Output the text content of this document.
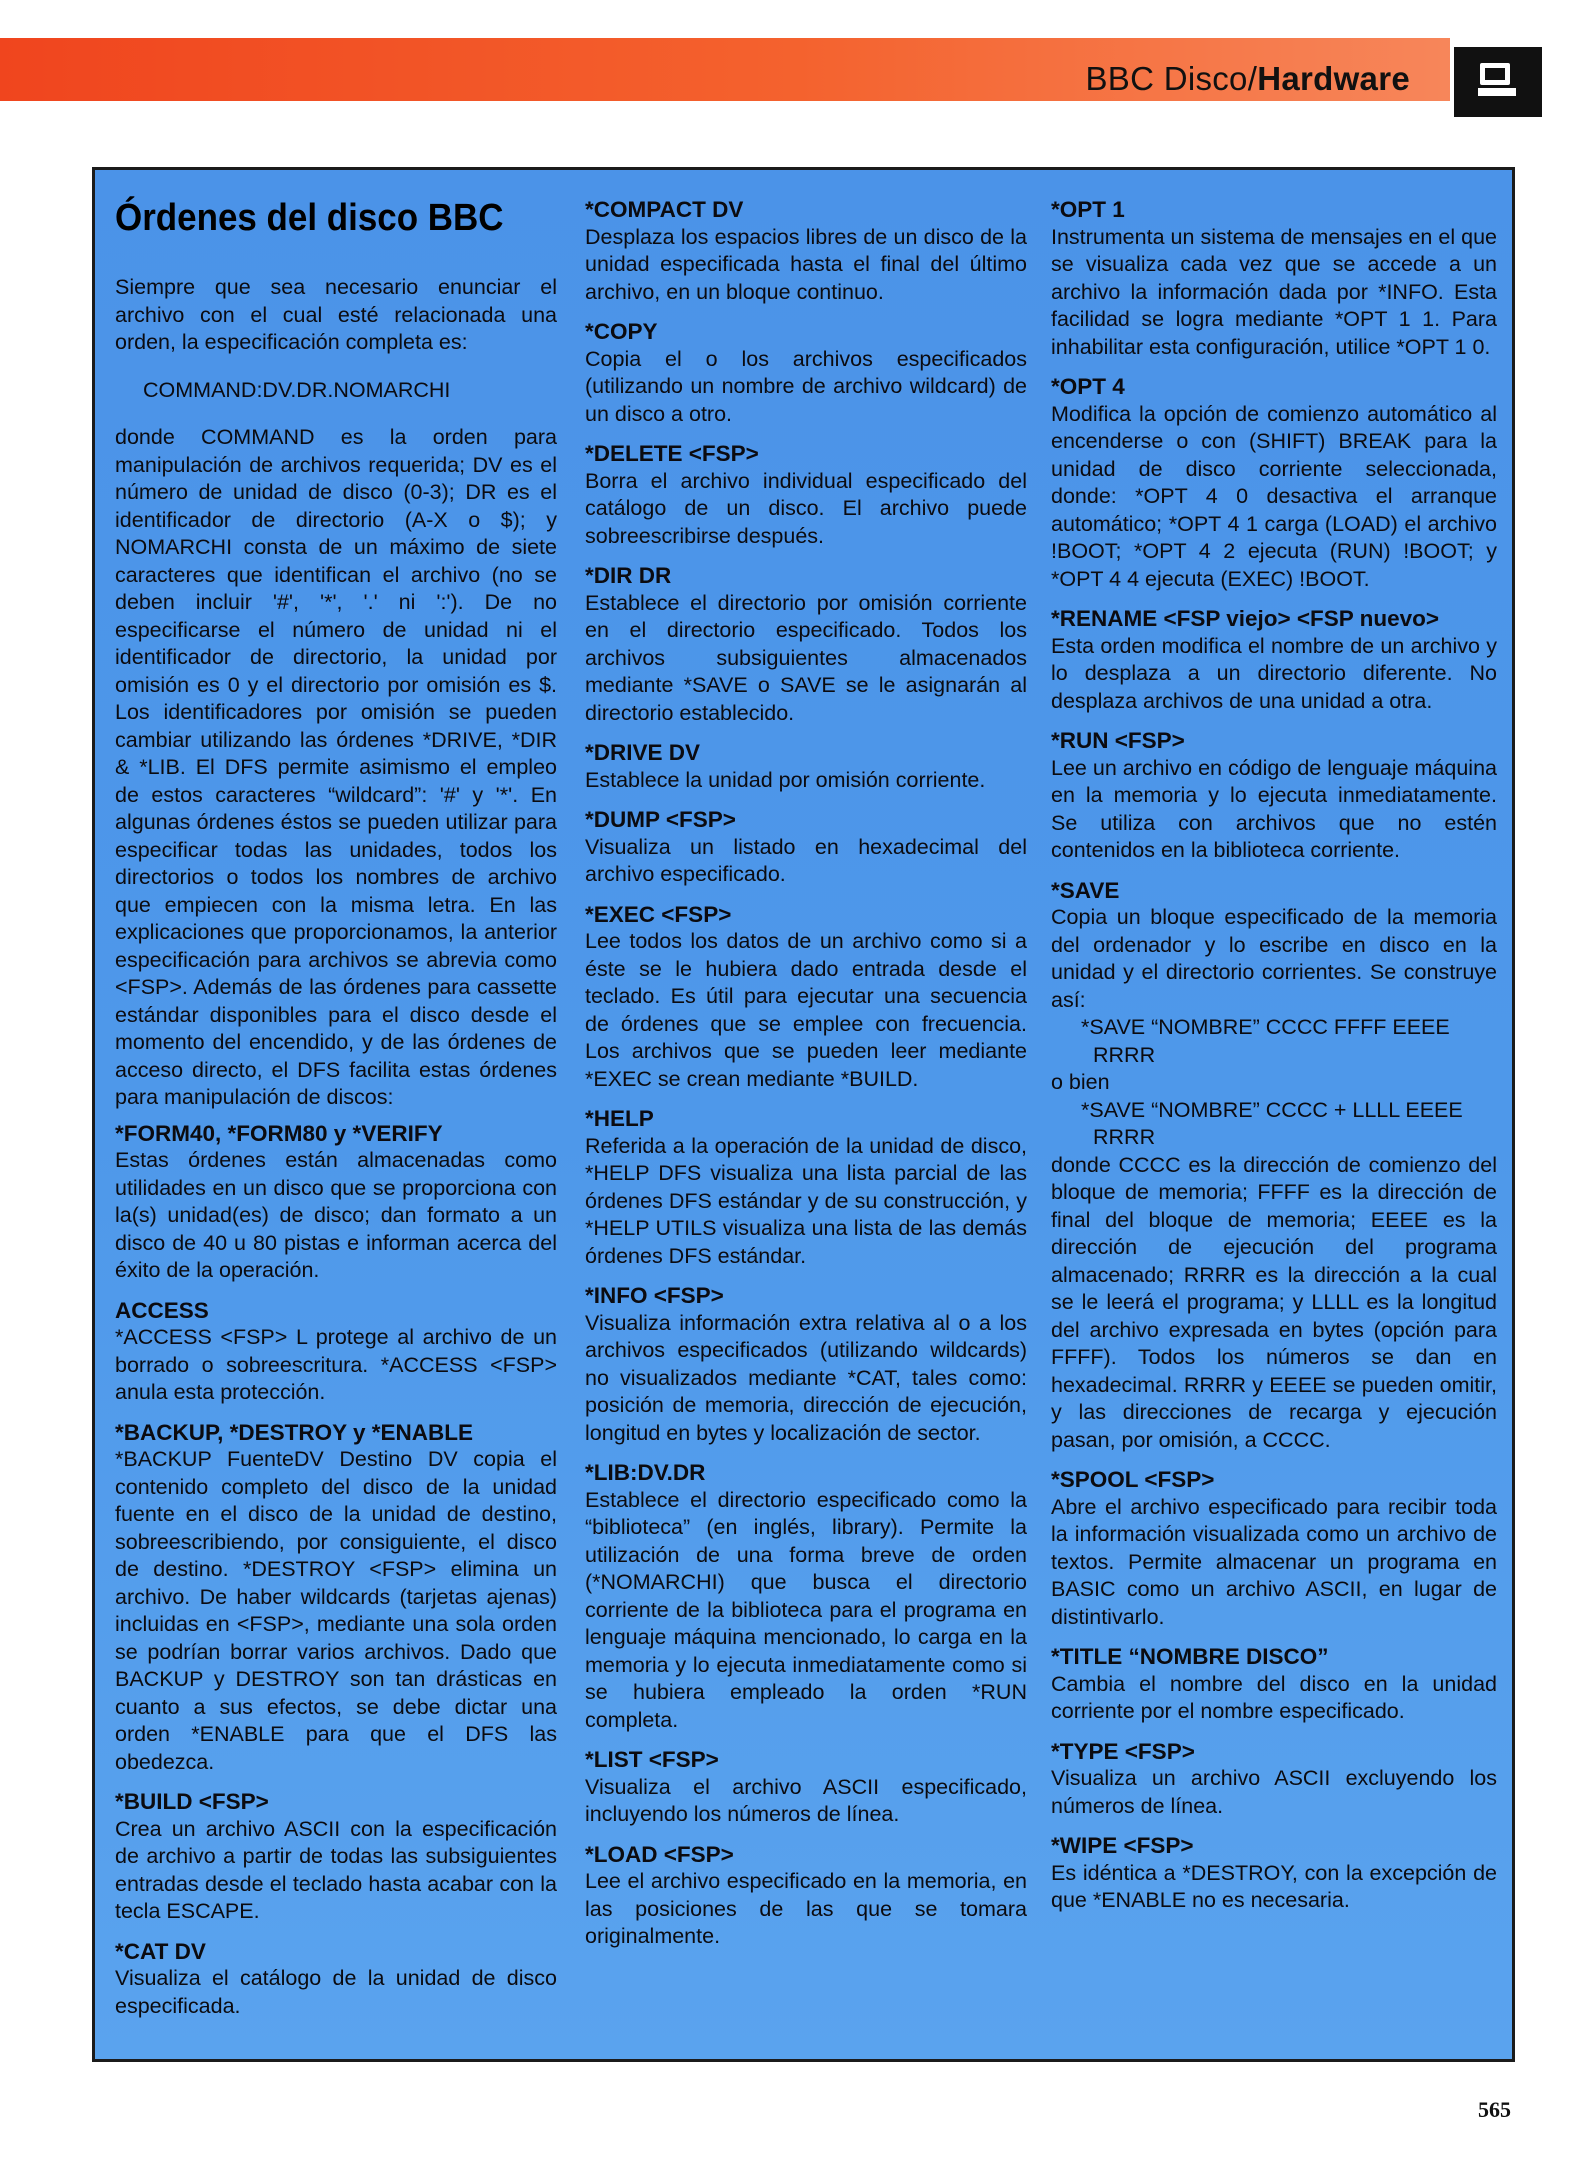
BBC Disco/Hardware
Órdenes del disco BBC
Siempre que sea necesario enunciar el archivo con el cual esté relacionada una orden, la especificación completa es:
COMMAND:DV.DR.NOMARCHI
donde COMMAND es la orden para manipulación de archivos requerida; DV es el número de unidad de disco (0-3); DR es el identificador de directorio (A-X o $); y NOMARCHI consta de un máximo de siete caracteres que identifican el archivo (no se deben incluir '#', '*', '.' ni ':'). De no especificarse el número de unidad ni el identificador de directorio, la unidad por omisión es 0 y el directorio por omisión es $. Los identificadores por omisión se pueden cambiar utilizando las órdenes *DRIVE, *DIR & *LIB. El DFS permite asimismo el empleo de estos caracteres “wildcard”: '#' y '*'. En algunas órdenes éstos se pueden utilizar para especificar todas las unidades, todos los directorios o todos los nombres de archivo que empiecen con la misma letra. En las explicaciones que proporcionamos, la anterior especificación para archivos se abrevia como <FSP>. Además de las órdenes para cassette estándar disponibles para el disco desde el momento del encendido, y de las órdenes de acceso directo, el DFS facilita estas órdenes para manipulación de discos:
*FORM40, *FORM80 y *VERIFY
Estas órdenes están almacenadas como utilidades en un disco que se proporciona con la(s) unidad(es) de disco; dan formato a un disco de 40 u 80 pistas e informan acerca del éxito de la operación.
ACCESS
*ACCESS <FSP> L protege al archivo de un borrado o sobreescritura. *ACCESS <FSP> anula esta protección.
*BACKUP, *DESTROY y *ENABLE
*BACKUP FuenteDV Destino DV copia el contenido completo del disco de la unidad fuente en el disco de la unidad de destino, sobreescribiendo, por consiguiente, el disco de destino. *DESTROY <FSP> elimina un archivo. De haber wildcards (tarjetas ajenas) incluidas en <FSP>, mediante una sola orden se podrían borrar varios archivos. Dado que BACKUP y DESTROY son tan drásticas en cuanto a sus efectos, se debe dictar una orden *ENABLE para que el DFS las obedezca.
*BUILD <FSP>
Crea un archivo ASCII con la especificación de archivo a partir de todas las subsiguientes entradas desde el teclado hasta acabar con la tecla ESCAPE.
*CAT DV
Visualiza el catálogo de la unidad de disco especificada.
*COMPACT DV
Desplaza los espacios libres de un disco de la unidad especificada hasta el final del último archivo, en un bloque continuo.
*COPY
Copia el o los archivos especificados (utilizando un nombre de archivo wildcard) de un disco a otro.
*DELETE <FSP>
Borra el archivo individual especificado del catálogo de un disco. El archivo puede sobreescribirse después.
*DIR DR
Establece el directorio por omisión corriente en el directorio especificado. Todos los archivos subsiguientes almacenados mediante *SAVE o SAVE se le asignarán al directorio establecido.
*DRIVE DV
Establece la unidad por omisión corriente.
*DUMP <FSP>
Visualiza un listado en hexadecimal del archivo especificado.
*EXEC <FSP>
Lee todos los datos de un archivo como si a éste se le hubiera dado entrada desde el teclado. Es útil para ejecutar una secuencia de órdenes que se emplee con frecuencia. Los archivos que se pueden leer mediante *EXEC se crean mediante *BUILD.
*HELP
Referida a la operación de la unidad de disco, *HELP DFS visualiza una lista parcial de las órdenes DFS estándar y de su construcción, y *HELP UTILS visualiza una lista de las demás órdenes DFS estándar.
*INFO <FSP>
Visualiza información extra relativa al o a los archivos especificados (utilizando wildcards) no visualizados mediante *CAT, tales como: posición de memoria, dirección de ejecución, longitud en bytes y localización de sector.
*LIB:DV.DR
Establece el directorio especificado como la “biblioteca” (en inglés, library). Permite la utilización de una forma breve de orden (*NOMARCHI) que busca el directorio corriente de la biblioteca para el programa en lenguaje máquina mencionado, lo carga en la memoria y lo ejecuta inmediatamente como si se hubiera empleado la orden *RUN completa.
*LIST <FSP>
Visualiza el archivo ASCII especificado, incluyendo los números de línea.
*LOAD <FSP>
Lee el archivo especificado en la memoria, en las posiciones de las que se tomara originalmente.
*OPT 1
Instrumenta un sistema de mensajes en el que se visualiza cada vez que se accede a un archivo la información dada por *INFO. Esta facilidad se logra mediante *OPT 1 1. Para inhabilitar esta configuración, utilice *OPT 1 0.
*OPT 4
Modifica la opción de comienzo automático al encenderse o con (SHIFT) BREAK para la unidad de disco corriente seleccionada, donde: *OPT 4 0 desactiva el arranque automático; *OPT 4 1 carga (LOAD) el archivo !BOOT; *OPT 4 2 ejecuta (RUN) !BOOT; y *OPT 4 4 ejecuta (EXEC) !BOOT.
*RENAME <FSP viejo> <FSP nuevo>
Esta orden modifica el nombre de un archivo y lo desplaza a un directorio diferente. No desplaza archivos de una unidad a otra.
*RUN <FSP>
Lee un archivo en código de lenguaje máquina en la memoria y lo ejecuta inmediatamente. Se utiliza con archivos que no estén contenidos en la biblioteca corriente.
*SAVE
Copia un bloque especificado de la memoria del ordenador y lo escribe en disco en la unidad y el directorio corrientes. Se construye así:
*SAVE “NOMBRE” CCCC FFFF EEEE
RRRR
o bien
*SAVE “NOMBRE” CCCC + LLLL EEEE
RRRR
donde CCCC es la dirección de comienzo del bloque de memoria; FFFF es la dirección de final del bloque de memoria; EEEE es la dirección de ejecución del programa almacenado; RRRR es la dirección a la cual se le leerá el programa; y LLLL es la longitud del archivo expresada en bytes (opción para FFFF). Todos los números se dan en hexadecimal. RRRR y EEEE se pueden omitir, y las direcciones de recarga y ejecución pasan, por omisión, a CCCC.
*SPOOL <FSP>
Abre el archivo especificado para recibir toda la información visualizada como un archivo de textos. Permite almacenar un programa en BASIC como un archivo ASCII, en lugar de distintivarlo.
*TITLE “NOMBRE DISCO”
Cambia el nombre del disco en la unidad corriente por el nombre especificado.
*TYPE <FSP>
Visualiza un archivo ASCII excluyendo los números de línea.
*WIPE <FSP>
Es idéntica a *DESTROY, con la excepción de que *ENABLE no es necesaria.
565
